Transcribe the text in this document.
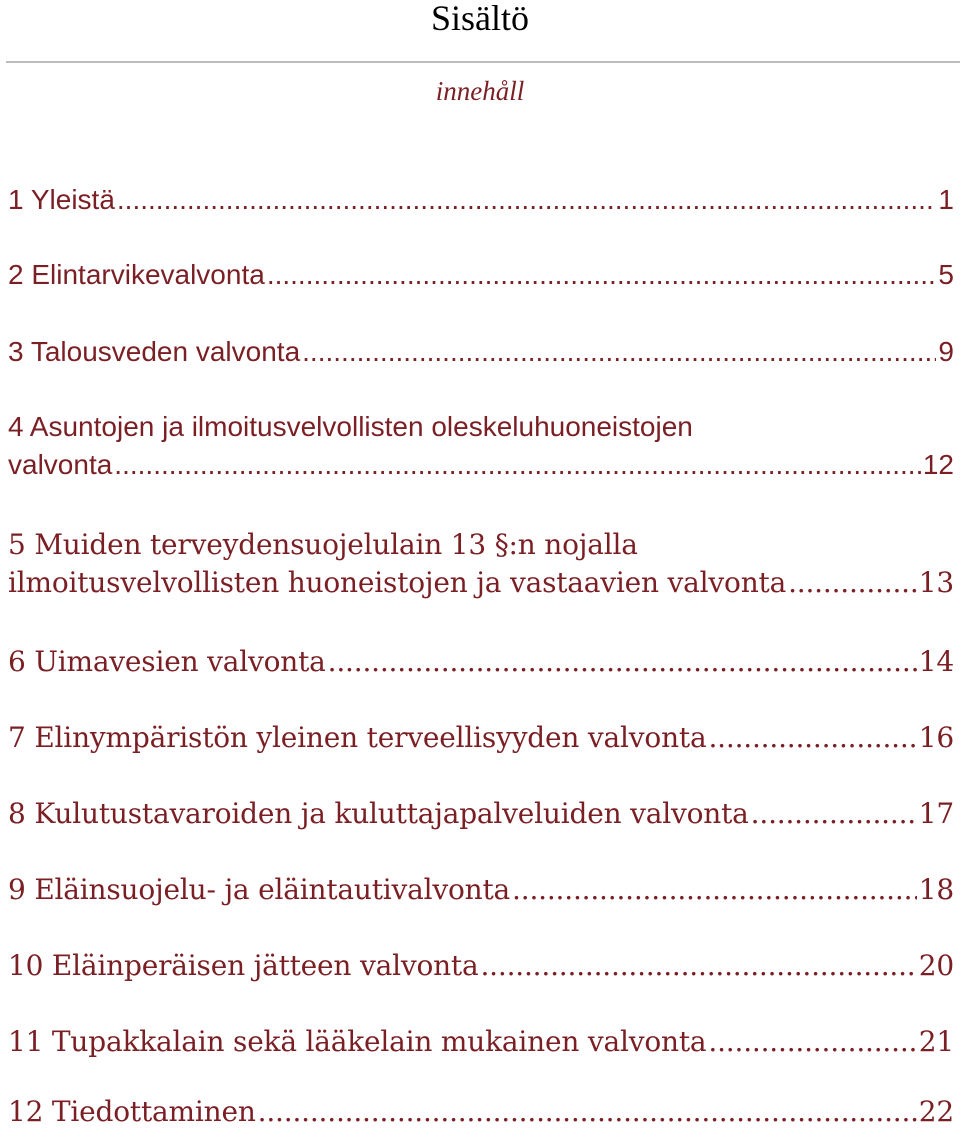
Sisältö
innehåll
1 Yleistä .....	1
2 Elintarvikevalvonta .....	5
3 Talousveden valvonta .....	9
4 Asuntojen ja ilmoitusvelvollisten oleskeluhuoneistojen
valvonta .....	12
5 Muiden terveydensuojelulain 13 §:n nojalla
ilmoitusvelvollisten huoneistojen ja vastaavien valvonta .....	13
6 Uimavesien valvonta .....	14
7 Elinympäristön yleinen terveellisyyden valvonta .....	16
8 Kulutustavaroiden ja kuluttajapalveluiden valvonta .....	17
9 Eläinsuojelu- ja eläintautivalvonta .....	18
10 Eläinperäisen jätteen valvonta .....	20
11 Tupakkalain sekä lääkelain mukainen valvonta .....	21
12 Tiedottaminen .....	22
